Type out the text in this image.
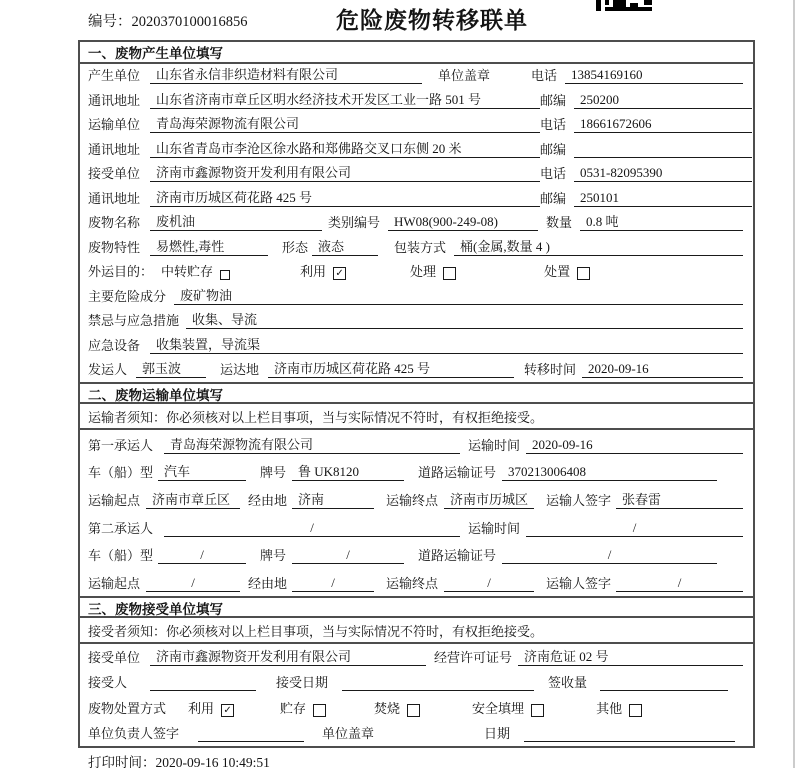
编号：2020370100016856	危险废物转移联单
一、废物产生单位填写
产生单位	山东省永信非织造材料有限公司	单位盖章	电话	13854169160
通讯地址	山东省济南市章丘区明水经济技术开发区工业一路 501 号	邮编	250200
运输单位	青岛海荣源物流有限公司	电话	18661672606
通讯地址	山东省青岛市李沧区徐水路和郑佛路交叉口东侧 20 米	邮编
接受单位	济南市鑫源物资开发利用有限公司	电话	0531-82095390
通讯地址	济南市历城区荷花路 425 号	邮编	250101
废物名称	废机油	类别编号	HW08(900-249-08)	数量	0.8 吨
废物特性	易燃性,毒性	形态 液态	包装方式	桶(金属,数量 4 )
外运目的： 中转贮存	利用 ✓	处理	处置
主要危险成分	废矿物油
禁忌与应急措施 收集、导流
应急设备	收集装置，导流渠
发运人	郭玉波	运达地	济南市历城区荷花路 425 号	转移时间 2020-09-16
二、废物运输单位填写
运输者须知：你必须核对以上栏目事项，当与实际情况不符时，有权拒绝接受。
第一承运人	青岛海荣源物流有限公司	运输时间 2020-09-16
车（船）型 汽车	牌号 鲁 UK8120	道路运输证号 370213006408
运输起点 济南市章丘区	经由地 济南	运输终点 济南市历城区	运输人签字 张春雷
第二承运人	/	运输时间	/
车（船）型	/	牌号	/	道路运输证号	/
运输起点	/	经由地	/	运输终点	/	运输人签字	/
三、废物接受单位填写
接受者须知：你必须核对以上栏目事项，当与实际情况不符时，有权拒绝接受。
接受单位	济南市鑫源物资开发利用有限公司	经营许可证号 济南危证 02 号
接受人	接受日期	签收量
废物处置方式	利用 ✓	贮存	焚烧	安全填埋	其他
单位负责人签字	单位盖章	日期
打印时间：2020-09-16 10:49:51
